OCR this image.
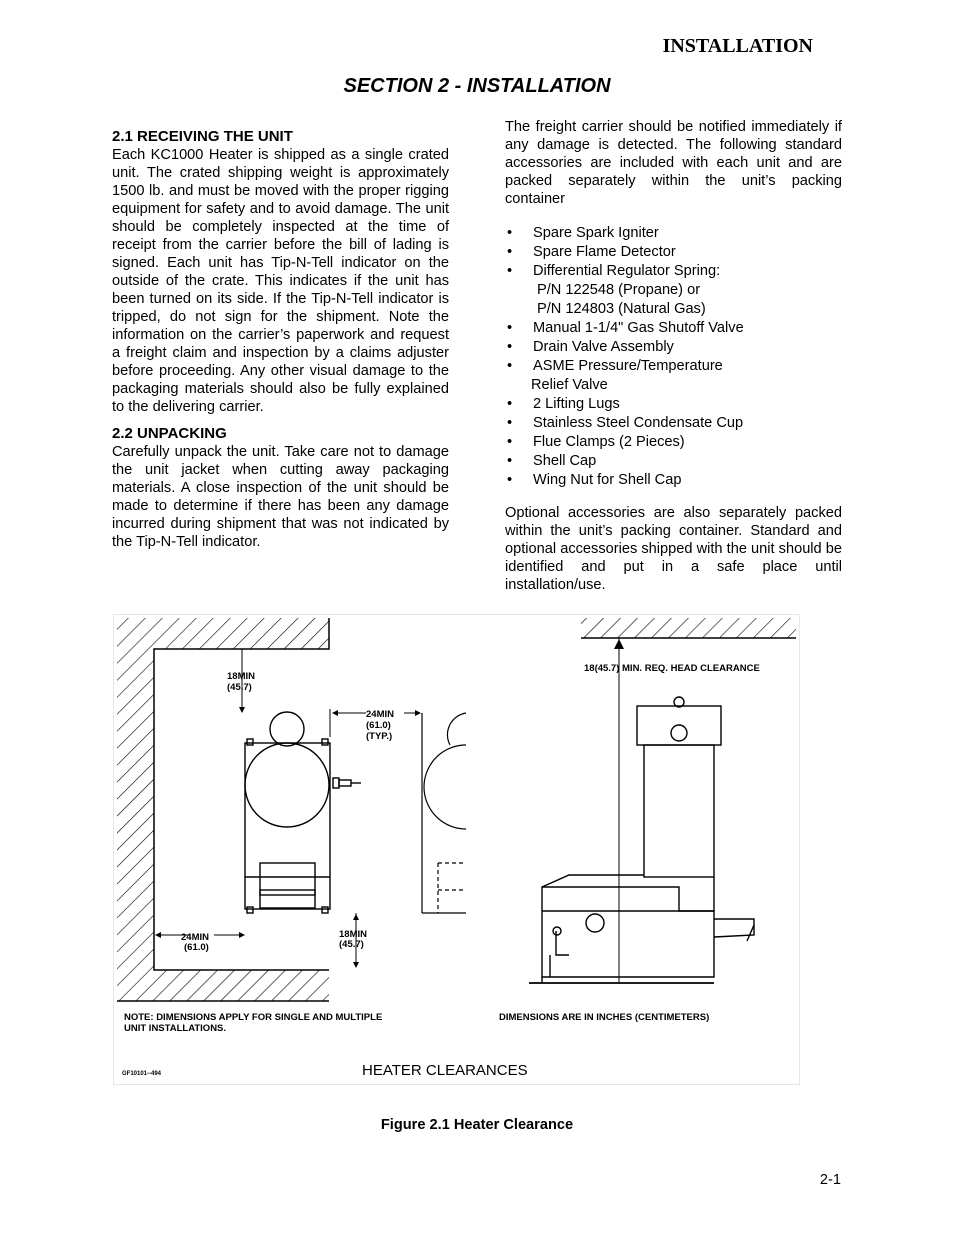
INSTALLATION
SECTION 2 - INSTALLATION
2.1 RECEIVING THE UNIT

Each KC1000 Heater is shipped as a single crated unit. The crated shipping weight is approximately 1500 lb. and must be moved with the proper rigging equipment for safety and to avoid damage. The unit should be completely inspected at the time of receipt from the carrier before the bill of lading is signed. Each unit has Tip-N-Tell indicator on the outside of the crate. This indicates if the unit has been turned on its side. If the Tip-N-Tell indicator is tripped, do not sign for the shipment. Note the information on the carrier’s paperwork and request a freight claim and inspection by a claims adjuster before proceeding. Any other visual damage to the packaging materials should also be fully explained to the delivering carrier.

2.2 UNPACKING

Carefully unpack the unit. Take care not to damage the unit jacket when cutting away packaging materials. A close inspection of the unit should be made to determine if there has been any damage incurred during shipment that was not indicated by the Tip-N-Tell indicator.

The freight carrier should be notified immediately if any damage is detected. The following standard accessories are included with each unit and are packed separately within the unit’s packing container

• Spare Spark Igniter
• Spare Flame Detector
• Differential Regulator Spring:
P/N 122548 (Propane) or
P/N 124803 (Natural Gas)
• Manual 1-1/4" Gas Shutoff Valve
• Drain Valve Assembly
• ASME Pressure/Temperature
Relief Valve
• 2 Lifting Lugs
• Stainless Steel Condensate Cup
• Flue Clamps (2 Pieces)
• Shell Cap
• Wing Nut for Shell Cap

Optional accessories are also separately packed within the unit’s packing container. Standard and optional accessories shipped with the unit should be identified and put in a safe place until installation/use.

18MIN
(45.7)
24MIN
(61.0)
(TYP.)
24MIN
(61.0)
18MIN
(45.7)
18(45.7) MIN. REQ. HEAD CLEARANCE
NOTE: DIMENSIONS APPLY FOR SINGLE AND MULTIPLE
UNIT INSTALLATIONS.
DIMENSIONS ARE IN INCHES (CENTIMETERS)
GF10101--494	HEATER CLEARANCES
Figure 2.1 Heater Clearance
2-1
